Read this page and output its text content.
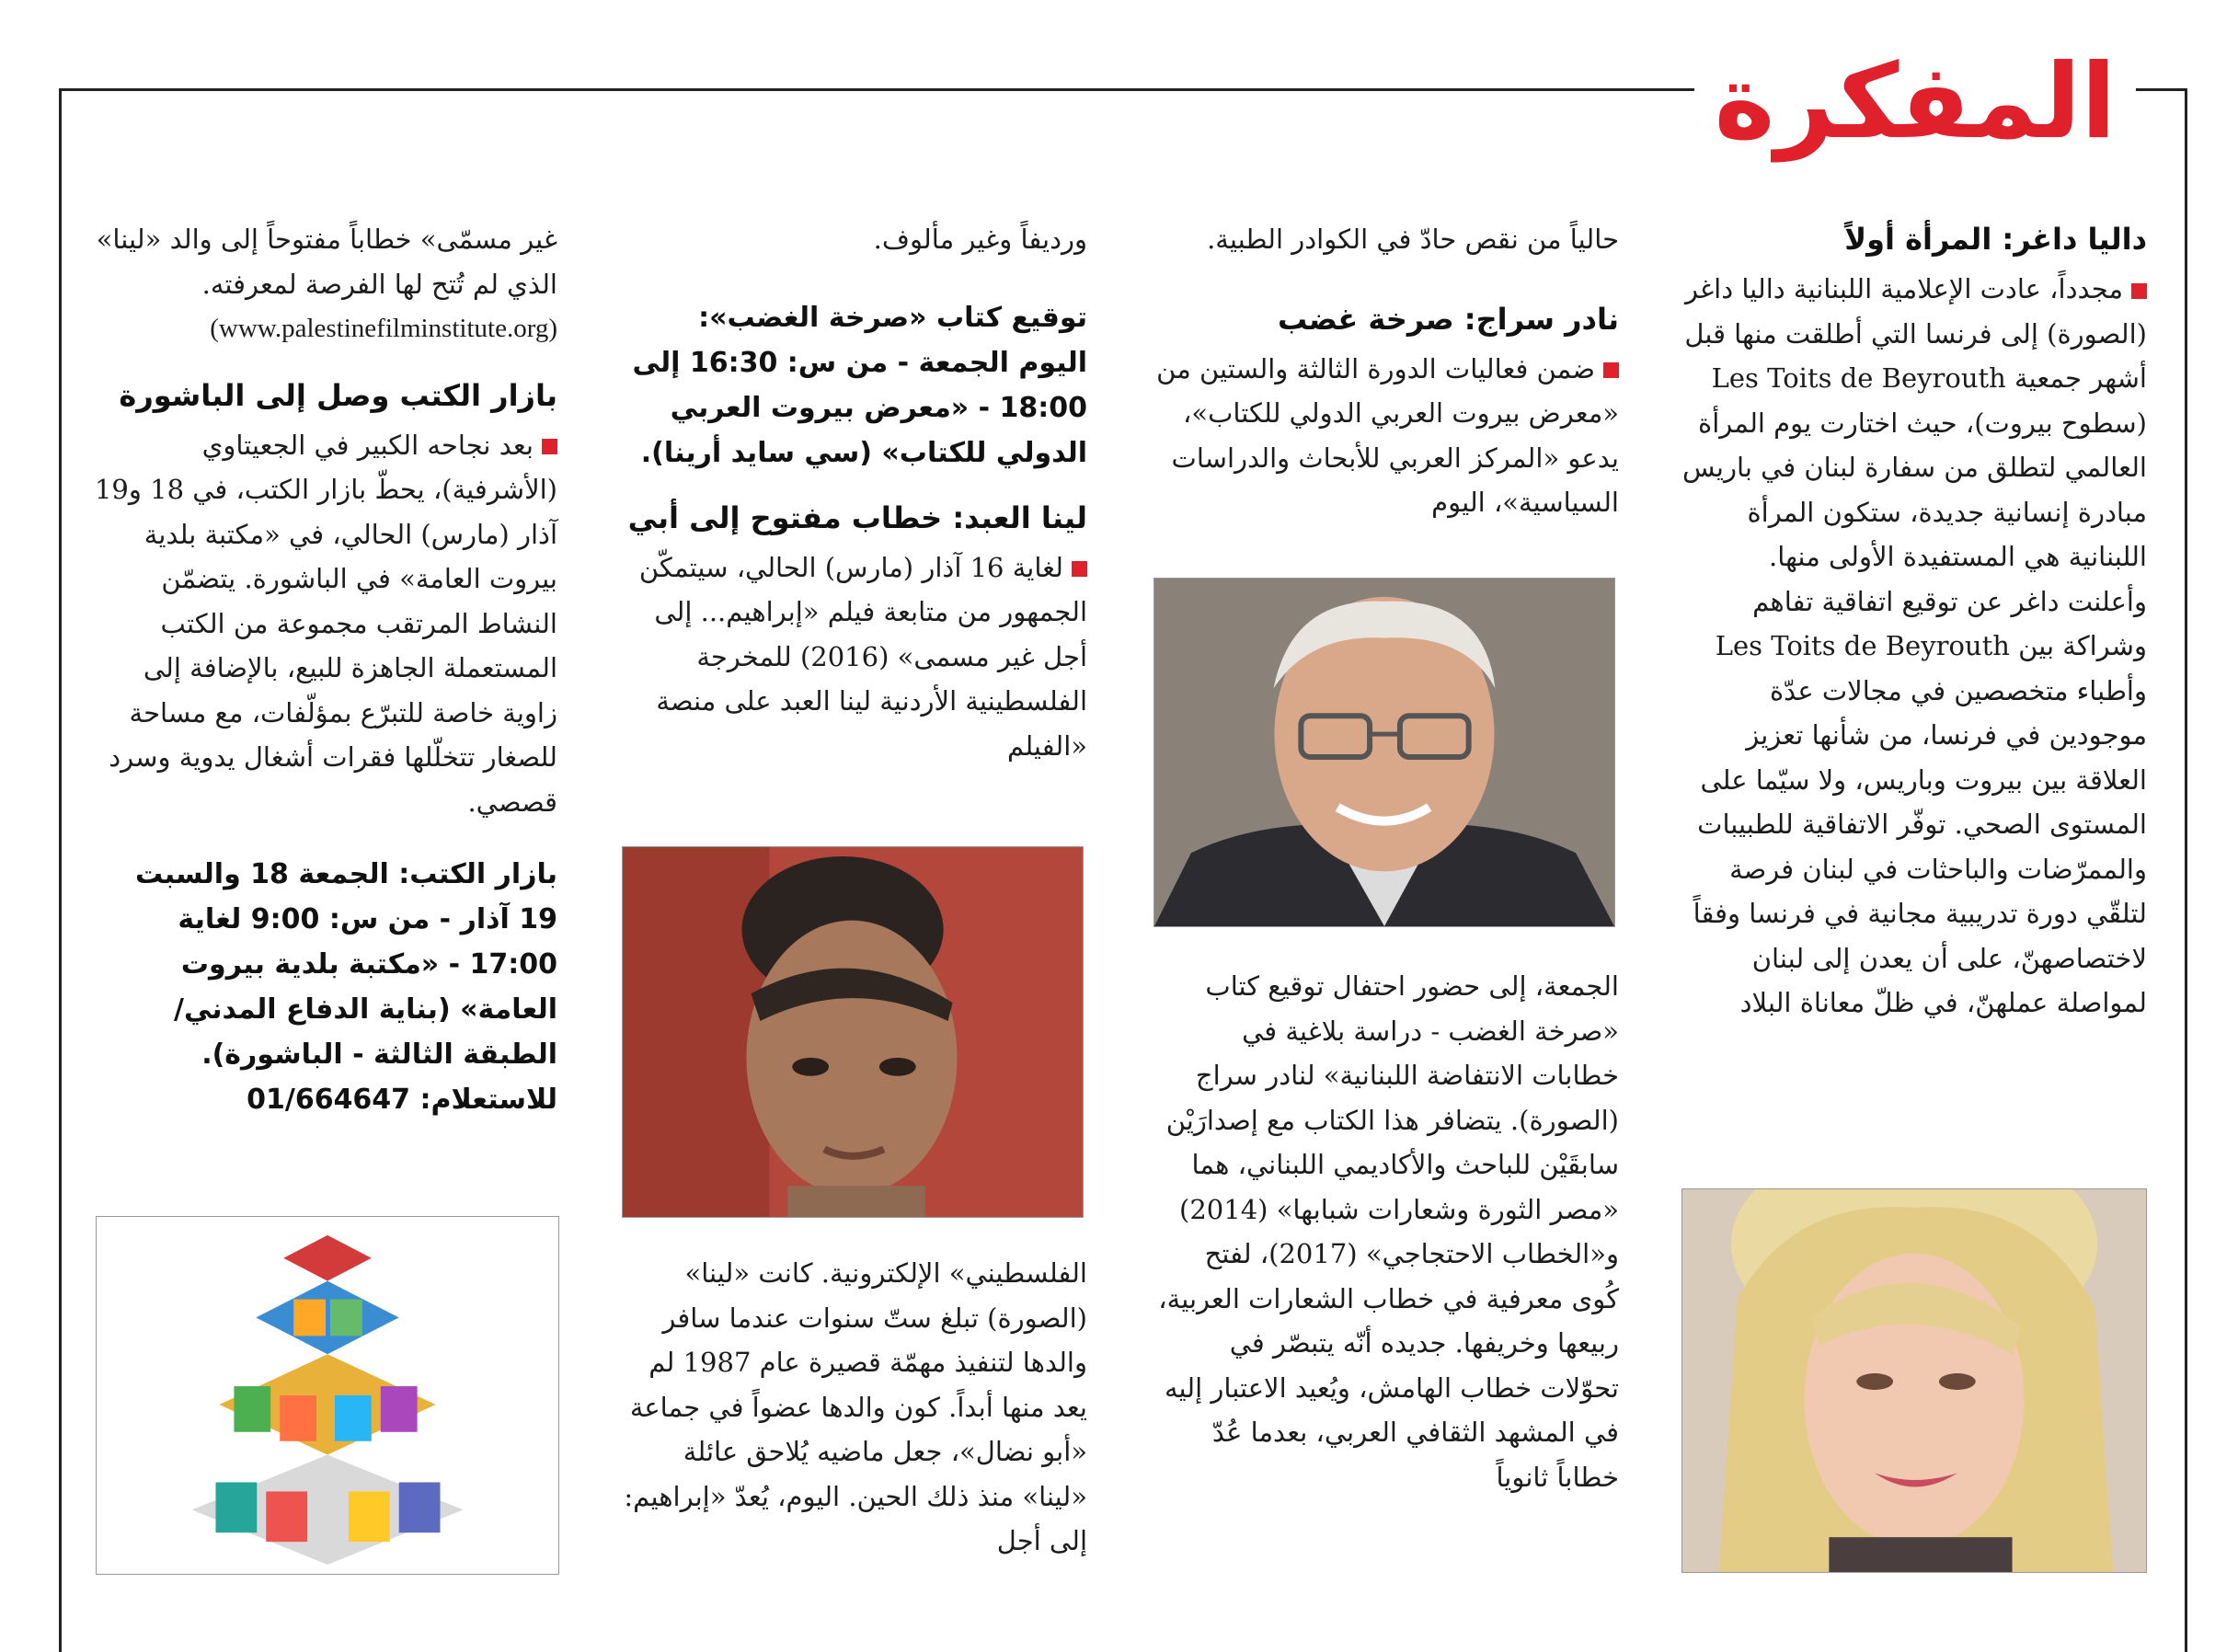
المفكرة
داليا داغر: المرأة أولاً

مجدداً، عادت الإعلامية اللبنانية داليا داغر (الصورة) إلى فرنسا التي أطلقت منها قبل أشهر جمعية Les Toits de Beyrouth (سطوح بيروت)، حيث اختارت يوم المرأة العالمي لتطلق من سفارة لبنان في باريس مبادرة إنسانية جديدة، ستكون المرأة اللبنانية هي المستفيدة الأولى منها. وأعلنت داغر عن توقيع اتفاقية تفاهم وشراكة بين Les Toits de Beyrouth وأطباء متخصصين في مجالات عدّة موجودين في فرنسا، من شأنها تعزيز العلاقة بين بيروت وباريس، ولا سيّما على المستوى الصحي. توفّر الاتفاقية للطبيبات والممرّضات والباحثات في لبنان فرصة لتلقّي دورة تدريبية مجانية في فرنسا وفقاً لاختصاصهنّ، على أن يعدن إلى لبنان لمواصلة عملهنّ، في ظلّ معاناة البلاد

حالياً من نقص حادّ في الكوادر الطبية.

نادر سراج: صرخة غضب

ضمن فعاليات الدورة الثالثة والستين من «معرض بيروت العربي الدولي للكتاب»، يدعو «المركز العربي للأبحاث والدراسات السياسية»، اليوم

الجمعة، إلى حضور احتفال توقيع كتاب «صرخة الغضب - دراسة بلاغية في خطابات الانتفاضة اللبنانية» لنادر سراج (الصورة). يتضافر هذا الكتاب مع إصدارَيْن سابقَيْن للباحث والأكاديمي اللبناني، هما «مصر الثورة وشعارات شبابها» (2014) و«الخطاب الاحتجاجي» (2017)، لفتح كُوى معرفية في خطاب الشعارات العربية، ربيعها وخريفها. جديده أنّه يتبصّر في تحوّلات خطاب الهامش، ويُعيد الاعتبار إليه في المشهد الثقافي العربي، بعدما عُدّ خطاباً ثانوياً

ورديفاً وغير مألوف.

توقيع كتاب «صرخة الغضب»: اليوم الجمعة - من س: 16:30 إلى 18:00 - «معرض بيروت العربي الدولي للكتاب» (سي سايد أرينا).

لينا العبد: خطاب مفتوح إلى أبي

لغاية 16 آذار (مارس) الحالي، سيتمكّن الجمهور من متابعة فيلم «إبراهيم... إلى أجل غير مسمى» (2016) للمخرجة الفلسطينية الأردنية لينا العبد على منصة «الفيلم

الفلسطيني» الإلكترونية. كانت «لينا» (الصورة) تبلغ ستّ سنوات عندما سافر والدها لتنفيذ مهمّة قصيرة عام 1987 لم يعد منها أبداً. كون والدها عضواً في جماعة «أبو نضال»، جعل ماضيه يُلاحق عائلة «لينا» منذ ذلك الحين. اليوم، يُعدّ «إبراهيم: إلى أجل

غير مسمّى» خطاباً مفتوحاً إلى والد «لينا» الذي لم تُتح لها الفرصة لمعرفته.

(www.palestinefilminstitute.org)

بازار الكتب وصل إلى الباشورة

بعد نجاحه الكبير في الجعيتاوي (الأشرفية)، يحطّ بازار الكتب، في 18 و19 آذار (مارس) الحالي، في «مكتبة بلدية بيروت العامة» في الباشورة. يتضمّن النشاط المرتقب مجموعة من الكتب المستعملة الجاهزة للبيع، بالإضافة إلى زاوية خاصة للتبرّع بمؤلّفات، مع مساحة للصغار تتخلّلها فقرات أشغال يدوية وسرد قصصي.

بازار الكتب: الجمعة 18 والسبت 19 آذار - من س: 9:00 لغاية 17:00 - «مكتبة بلدية بيروت العامة» (بناية الدفاع المدني/ الطبقة الثالثة - الباشورة). للاستعلام: 01/664647
